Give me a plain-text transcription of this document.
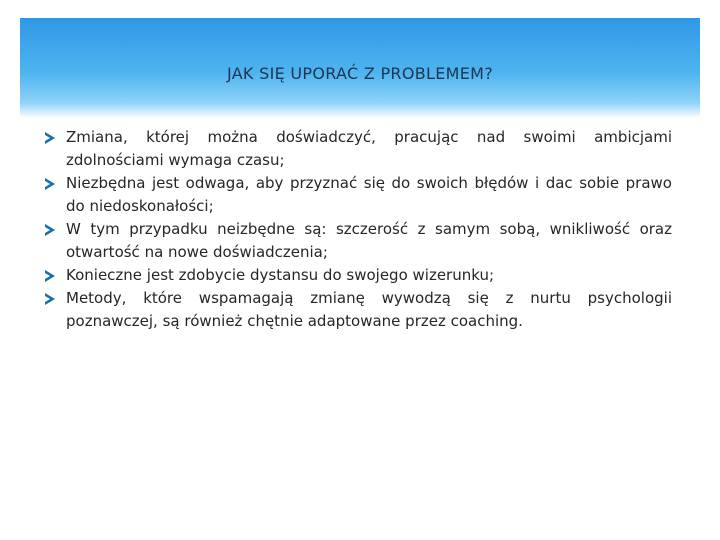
JAK SIĘ UPORAĆ Z PROBLEMEM?
Zmiana, której można doświadczyć, pracując nad swoimi ambicjami zdolnościami wymaga czasu;
Niezbędna jest odwaga, aby przyznać się do swoich błędów i dac sobie prawo do niedoskonałości;
W tym przypadku neizbędne są: szczerość z samym sobą, wnikliwość oraz otwartość na nowe doświadczenia;
Konieczne jest zdobycie dystansu do swojego wizerunku;
Metody, które wspamagają zmianę wywodzą się z nurtu psychologii poznawczej, są również chętnie adaptowane przez coaching.
